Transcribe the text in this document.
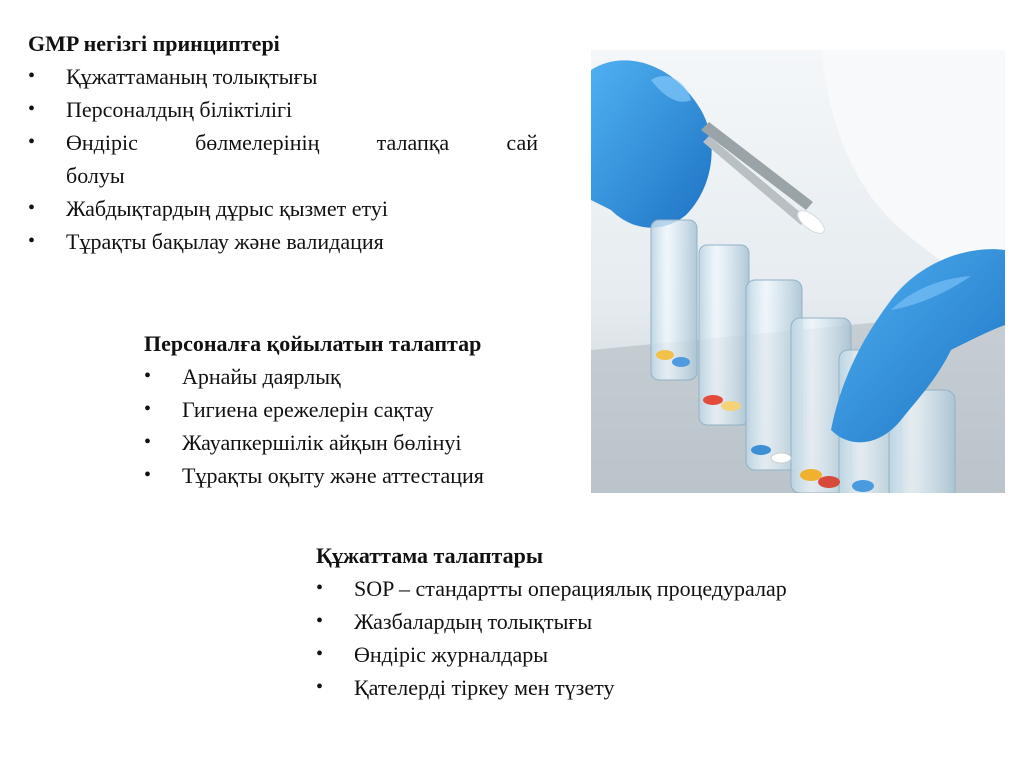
GMP негізгі принциптері
• Құжаттаманың толықтығы
• Персоналдың біліктілігі
• Өндіріс бөлмелерінің талапқа сай
болуы
• Жабдықтардың дұрыс қызмет етуі
• Тұрақты бақылау және валидация
Персоналға қойылатын талаптар
• Арнайы даярлық
• Гигиена ережелерін сақтау
• Жауапкершілік айқын бөлінуі
• Тұрақты оқыту және аттестация
Құжаттама талаптары
• SOP – стандартты операциялық процедуралар
• Жазбалардың толықтығы
• Өндіріс журналдары
• Қателерді тіркеу мен түзету
